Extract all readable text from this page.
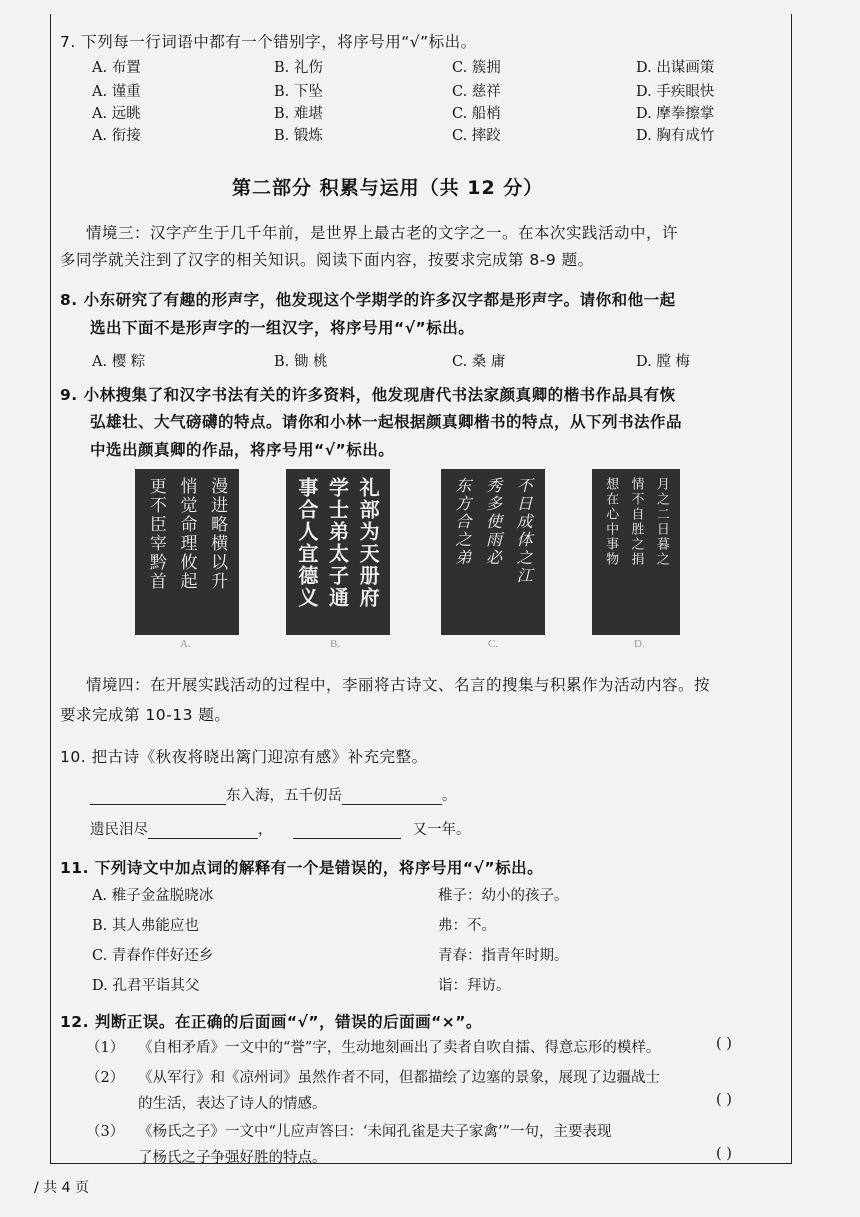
7. 下列每一行词语中都有一个错别字，将序号用“√”标出。
A. 布置	B. 礼伤	C. 簇拥	D. 出谋画策
A. 谨重	B. 下坠	C. 慈祥	D. 手疾眼快
A. 远眺	B. 难堪	C. 船梢	D. 摩拳擦掌
A. 衔接	B. 锻炼	C. 摔跤	D. 胸有成竹
第二部分 积累与运用（共 12 分）
情境三：汉字产生于几千年前，是世界上最古老的文字之一。在本次实践活动中，许
多同学就关注到了汉字的相关知识。阅读下面内容，按要求完成第 8-9 题。
8. 小东研究了有趣的形声字，他发现这个学期学的许多汉字都是形声字。请你和他一起
选出下面不是形声字的一组汉字，将序号用“√”标出。
A. 樱 粽	B. 锄 桃	C. 桑 庸	D. 膛 梅
9. 小林搜集了和汉字书法有关的许多资料，他发现唐代书法家颜真卿的楷书作品具有恢
弘雄壮、大气磅礴的特点。请你和小林一起根据颜真卿楷书的特点，从下列书法作品
中选出颜真卿的作品，将序号用“√”标出。
漫进略横以升
悄觉命理攸起
更不臣宰黔首
A.
礼部为天册府
学士弟太子通
事合人宜德义
B.
不日成体之江
秀多使雨必
东方合之弟
C.
月之二日暮之
情不自胜之捐
想在心中事物
D.
情境四：在开展实践活动的过程中，李丽将古诗文、名言的搜集与积累作为活动内容。按
要求完成第 10-13 题。
10. 把古诗《秋夜将晓出篱门迎凉有感》补充完整。
东入海，五千仞岳	。
遗民泪尽	，	又一年。
11. 下列诗文中加点词的解释有一个是错误的，将序号用“√”标出。
A. 稚子金盆脱晓冰	稚子：幼小的孩子。
B. 其人弗能应也	弗：不。
C. 青春作伴好还乡	青春：指青年时期。
D. 孔君平诣其父	诣：拜访。
12. 判断正误。在正确的后面画“√”，错误的后面画“×”。
（1） 《自相矛盾》一文中的“誉”字，生动地刻画出了卖者自吹自擂、得意忘形的模样。	( )
（2） 《从军行》和《凉州词》虽然作者不同，但都描绘了边塞的景象，展现了边疆战士
的生活，表达了诗人的情感。	( )
（3） 《杨氏之子》一文中“儿应声答曰：‘未闻孔雀是夫子家禽’”一句，主要表现
了杨氏之子争强好胜的特点。	( )
/ 共 4 页
